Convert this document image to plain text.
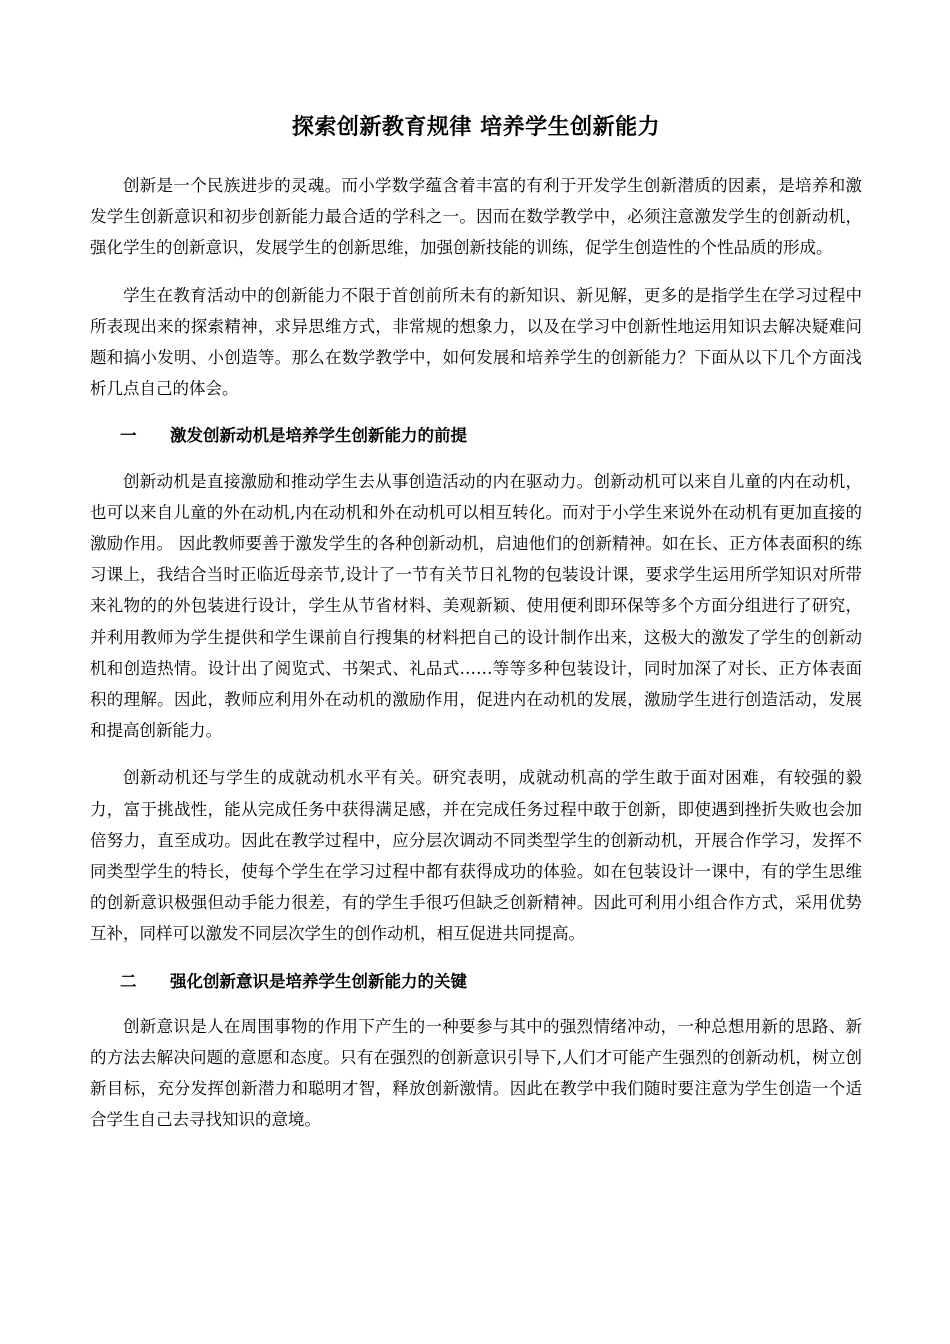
探索创新教育规律 培养学生创新能力

创新是一个民族进步的灵魂。而小学数学蕴含着丰富的有利于开发学生创新潜质的因素，是培养和激发学生创新意识和初步创新能力最合适的学科之一。因而在数学教学中，必须注意激发学生的创新动机，强化学生的创新意识，发展学生的创新思维，加强创新技能的训练，促学生创造性的个性品质的形成。

学生在教育活动中的创新能力不限于首创前所未有的新知识、新见解，更多的是指学生在学习过程中所表现出来的探索精神，求异思维方式，非常规的想象力，以及在学习中创新性地运用知识去解决疑难问题和搞小发明、小创造等。那么在数学教学中，如何发展和培养学生的创新能力？下面从以下几个方面浅析几点自己的体会。

一 激发创新动机是培养学生创新能力的前提

创新动机是直接激励和推动学生去从事创造活动的内在驱动力。创新动机可以来自儿童的内在动机，也可以来自儿童的外在动机,内在动机和外在动机可以相互转化。而对于小学生来说外在动机有更加直接的激励作用。 因此教师要善于激发学生的各种创新动机，启迪他们的创新精神。如在长、正方体表面积的练习课上，我结合当时正临近母亲节,设计了一节有关节日礼物的包装设计课，要求学生运用所学知识对所带来礼物的的外包装进行设计，学生从节省材料、美观新颖、使用便利即环保等多个方面分组进行了研究，并利用教师为学生提供和学生课前自行搜集的材料把自己的设计制作出来，这极大的激发了学生的创新动机和创造热情。设计出了阅览式、书架式、礼品式……等等多种包装设计，同时加深了对长、正方体表面积的理解。因此，教师应利用外在动机的激励作用，促进内在动机的发展，激励学生进行创造活动，发展和提高创新能力。

创新动机还与学生的成就动机水平有关。研究表明，成就动机高的学生敢于面对困难，有较强的毅力，富于挑战性，能从完成任务中获得满足感，并在完成任务过程中敢于创新，即使遇到挫折失败也会加倍努力，直至成功。因此在教学过程中，应分层次调动不同类型学生的创新动机，开展合作学习，发挥不同类型学生的特长，使每个学生在学习过程中都有获得成功的体验。如在包装设计一课中，有的学生思维的创新意识极强但动手能力很差，有的学生手很巧但缺乏创新精神。因此可利用小组合作方式，采用优势互补，同样可以激发不同层次学生的创作动机，相互促进共同提高。

二 强化创新意识是培养学生创新能力的关键

创新意识是人在周围事物的作用下产生的一种要参与其中的强烈情绪冲动，一种总想用新的思路、新的方法去解决问题的意愿和态度。只有在强烈的创新意识引导下,人们才可能产生强烈的创新动机，树立创新目标，充分发挥创新潜力和聪明才智，释放创新激情。因此在教学中我们随时要注意为学生创造一个适合学生自己去寻找知识的意境。
